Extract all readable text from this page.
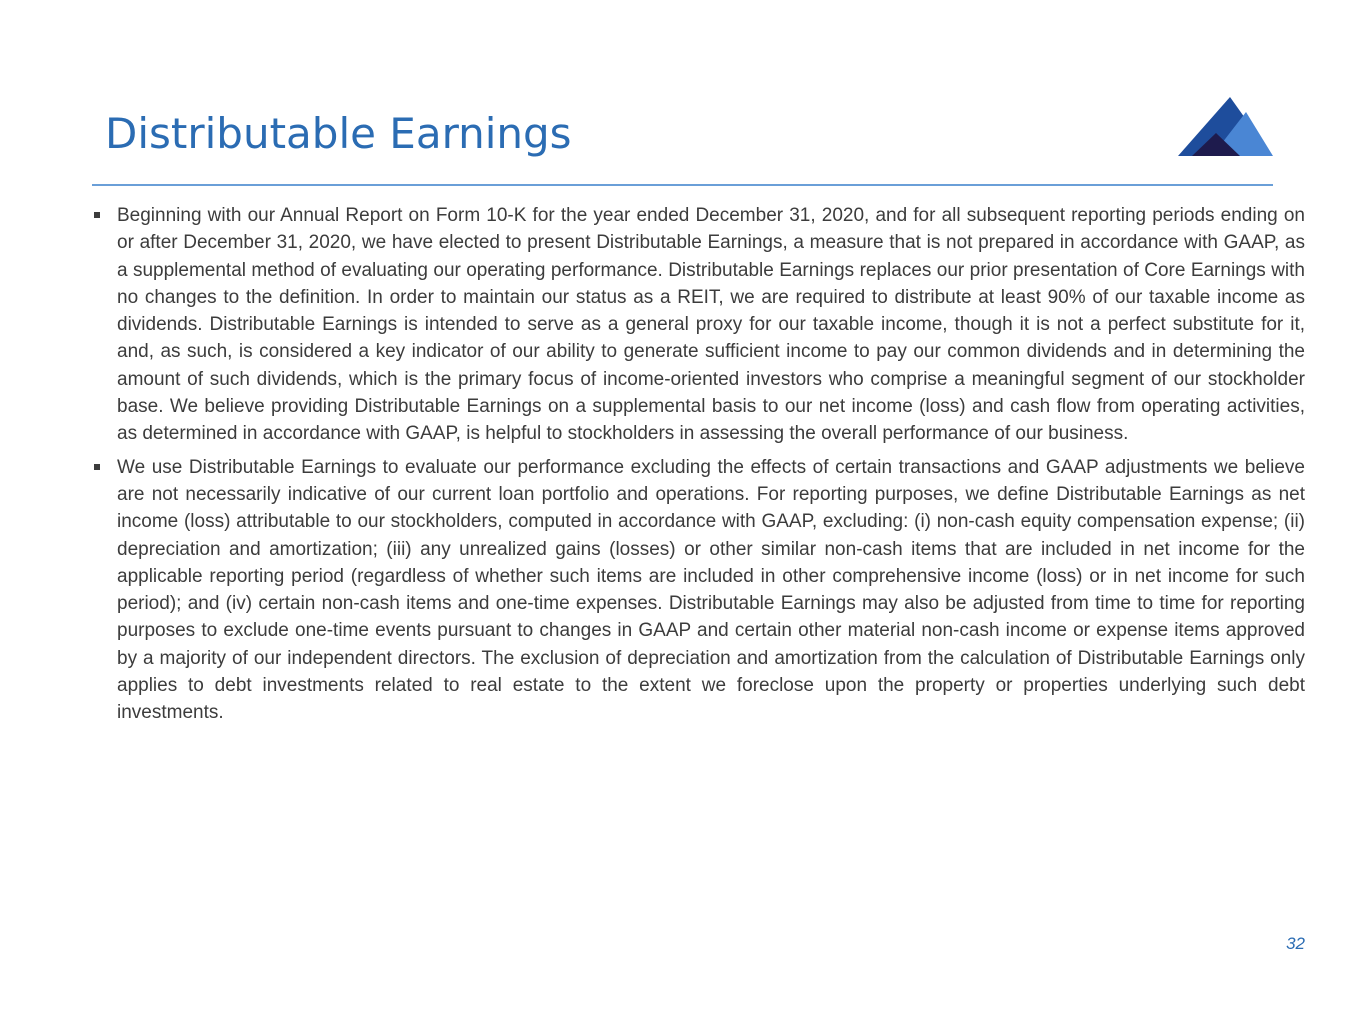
Distributable Earnings
Beginning with our Annual Report on Form 10-K for the year ended December 31, 2020, and for all subsequent reporting periods ending on or after December 31, 2020, we have elected to present Distributable Earnings, a measure that is not prepared in accordance with GAAP, as a supplemental method of evaluating our operating performance. Distributable Earnings replaces our prior presentation of Core Earnings with no changes to the definition. In order to maintain our status as a REIT, we are required to distribute at least 90% of our taxable income as dividends. Distributable Earnings is intended to serve as a general proxy for our taxable income, though it is not a perfect substitute for it, and, as such, is considered a key indicator of our ability to generate sufficient income to pay our common dividends and in determining the amount of such dividends, which is the primary focus of income-oriented investors who comprise a meaningful segment of our stockholder base. We believe providing Distributable Earnings on a supplemental basis to our net income (loss) and cash flow from operating activities, as determined in accordance with GAAP, is helpful to stockholders in assessing the overall performance of our business.
We use Distributable Earnings to evaluate our performance excluding the effects of certain transactions and GAAP adjustments we believe are not necessarily indicative of our current loan portfolio and operations. For reporting purposes, we define Distributable Earnings as net income (loss) attributable to our stockholders, computed in accordance with GAAP, excluding: (i) non-cash equity compensation expense; (ii) depreciation and amortization; (iii) any unrealized gains (losses) or other similar non-cash items that are included in net income for the applicable reporting period (regardless of whether such items are included in other comprehensive income (loss) or in net income for such period); and (iv) certain non-cash items and one-time expenses. Distributable Earnings may also be adjusted from time to time for reporting purposes to exclude one-time events pursuant to changes in GAAP and certain other material non-cash income or expense items approved by a majority of our independent directors. The exclusion of depreciation and amortization from the calculation of Distributable Earnings only applies to debt investments related to real estate to the extent we foreclose upon the property or properties underlying such debt investments.
32
